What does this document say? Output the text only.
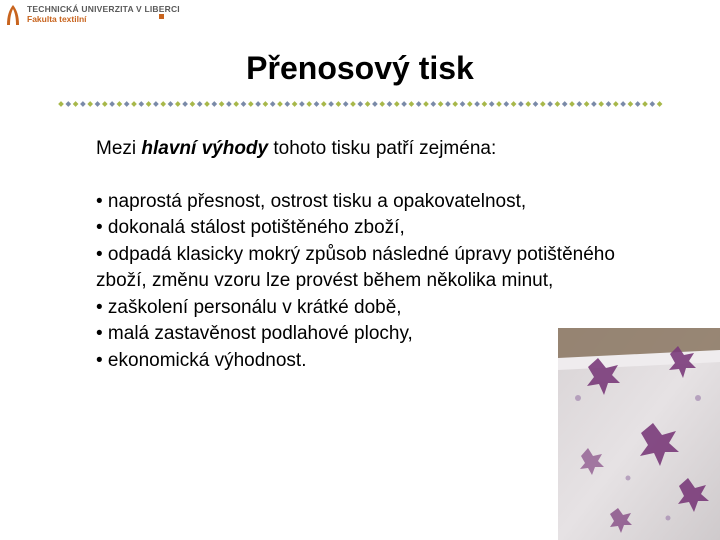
TECHNICKÁ UNIVERZITA V LIBERCI
Fakulta textilní
Přenosový tisk
Mezi hlavní výhody tohoto tisku patří zejména:

• naprostá přesnost, ostrost tisku a opakovatelnost,

• dokonalá stálost potištěného zboží,

• odpadá klasicky mokrý způsob následné úpravy potištěného zboží, změnu vzoru lze provést během několika minut,

• zaškolení personálu v krátké době,

• malá zastavěnost podlahové plochy,

• ekonomická výhodnost.
